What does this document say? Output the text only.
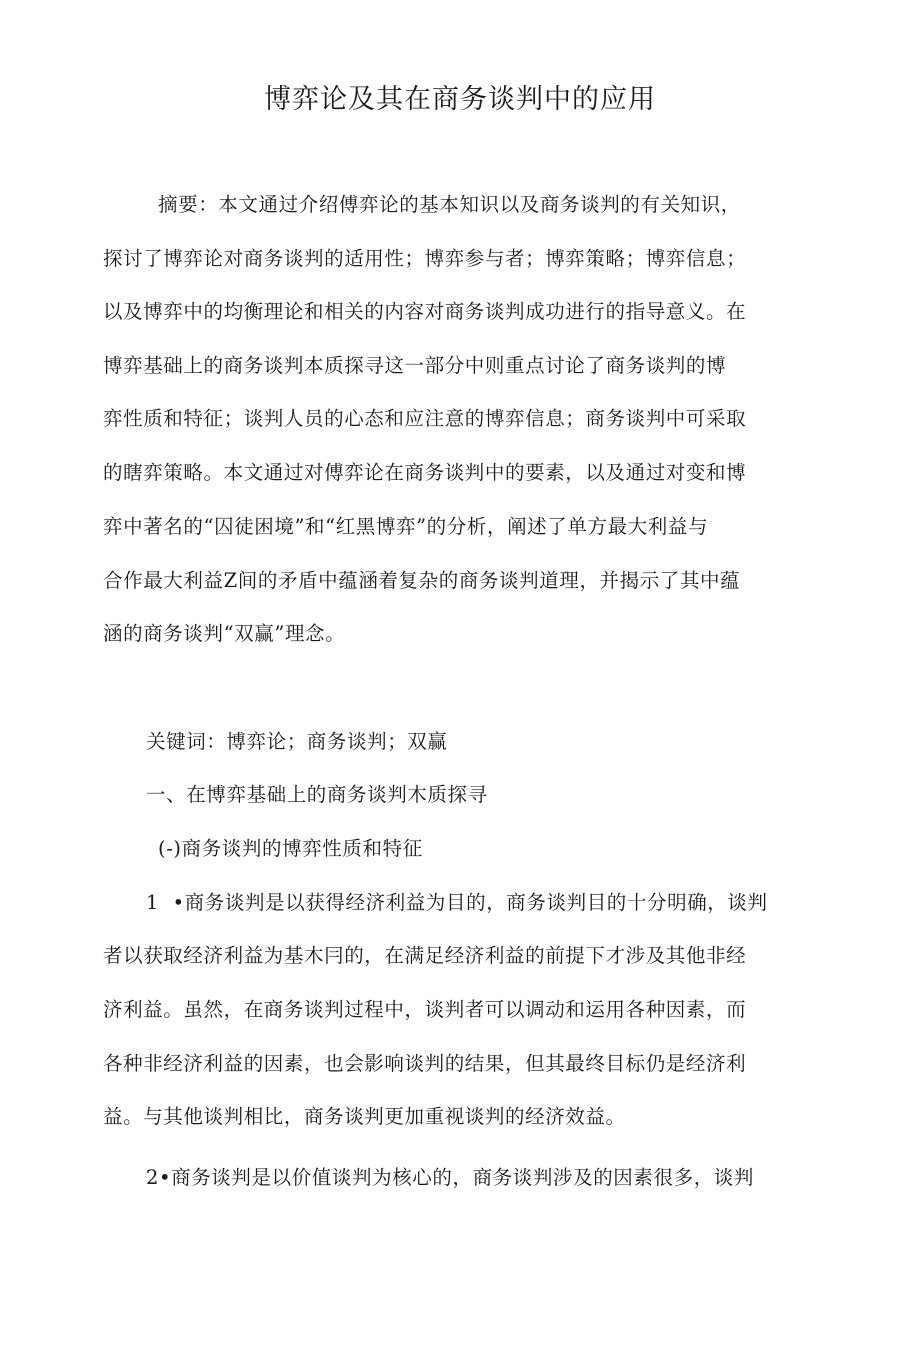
博弈论及其在商务谈判中的应用
摘要：本文通过介绍傅弈论的基本知识以及商务谈判的有关知识，
探讨了博弈论对商务谈判的适用性；博弈参与者；博弈策略；博弈信息；
以及博弈中的均衡理论和相关的内容对商务谈判成功进行的指导意义。在
博弈基础上的商务谈判本质探寻这一部分中则重点讨论了商务谈判的博
弈性质和特征；谈判人员的心态和应注意的博弈信息；商务谈判中可采取
的瞎弈策略。本文通过对傅弈论在商务谈判中的要素，以及通过对变和博
弈中著名的“囚徒困境”和“红黑博弈”的分析，阐述了单方最大利益与
合作最大利益Z间的矛盾中蕴涵着复杂的商务谈判道理，并揭示了其中蕴
涵的商务谈判“双赢”理念。
关键词：博弈论；商务谈判；双赢
一、在博弈基础上的商务谈判木质探寻
(-)商务谈判的博弈性质和特征
1  •商务谈判是以获得经济利益为目的，商务谈判目的十分明确，谈判
者以获取经济利益为基木冃的，在满足经济利益的前提下才涉及其他非经
济利益。虽然，在商务谈判过程中，谈判者可以调动和运用各种因素，而
各种非经济利益的因素，也会影响谈判的结果，但其最终目标仍是经济利
益。与其他谈判相比，商务谈判更加重视谈判的经济效益。
2•商务谈判是以价值谈判为核心的，商务谈判涉及的因素很多，谈判
